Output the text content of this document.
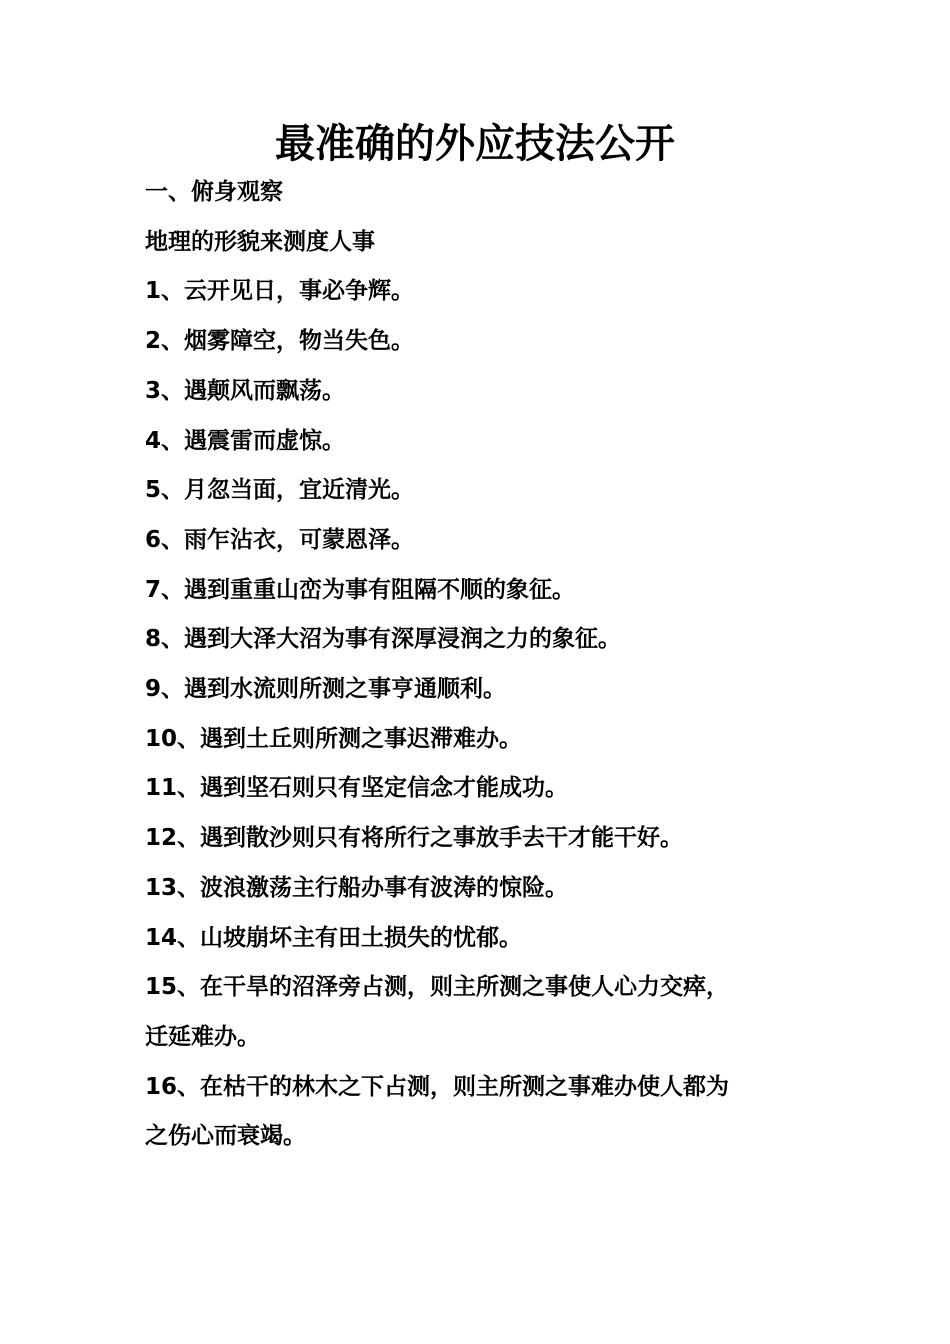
最准确的外应技法公开
一、俯身观察
地理的形貌来测度人事
1、云开见日，事必争辉。
2、烟雾障空，物当失色。
3、遇颠风而飘荡。
4、遇震雷而虚惊。
5、月忽当面，宜近清光。
6、雨乍沾衣，可蒙恩泽。
7、遇到重重山峦为事有阻隔不顺的象征。
8、遇到大泽大沼为事有深厚浸润之力的象征。
9、遇到水流则所测之事亨通顺利。
10、遇到土丘则所测之事迟滞难办。
11、遇到坚石则只有坚定信念才能成功。
12、遇到散沙则只有将所行之事放手去干才能干好。
13、波浪激荡主行船办事有波涛的惊险。
14、山坡崩坏主有田土损失的忧郁。
15、在干旱的沼泽旁占测，则主所测之事使人心力交瘁，
迁延难办。
16、在枯干的林木之下占测，则主所测之事难办使人都为
之伤心而衰竭。
